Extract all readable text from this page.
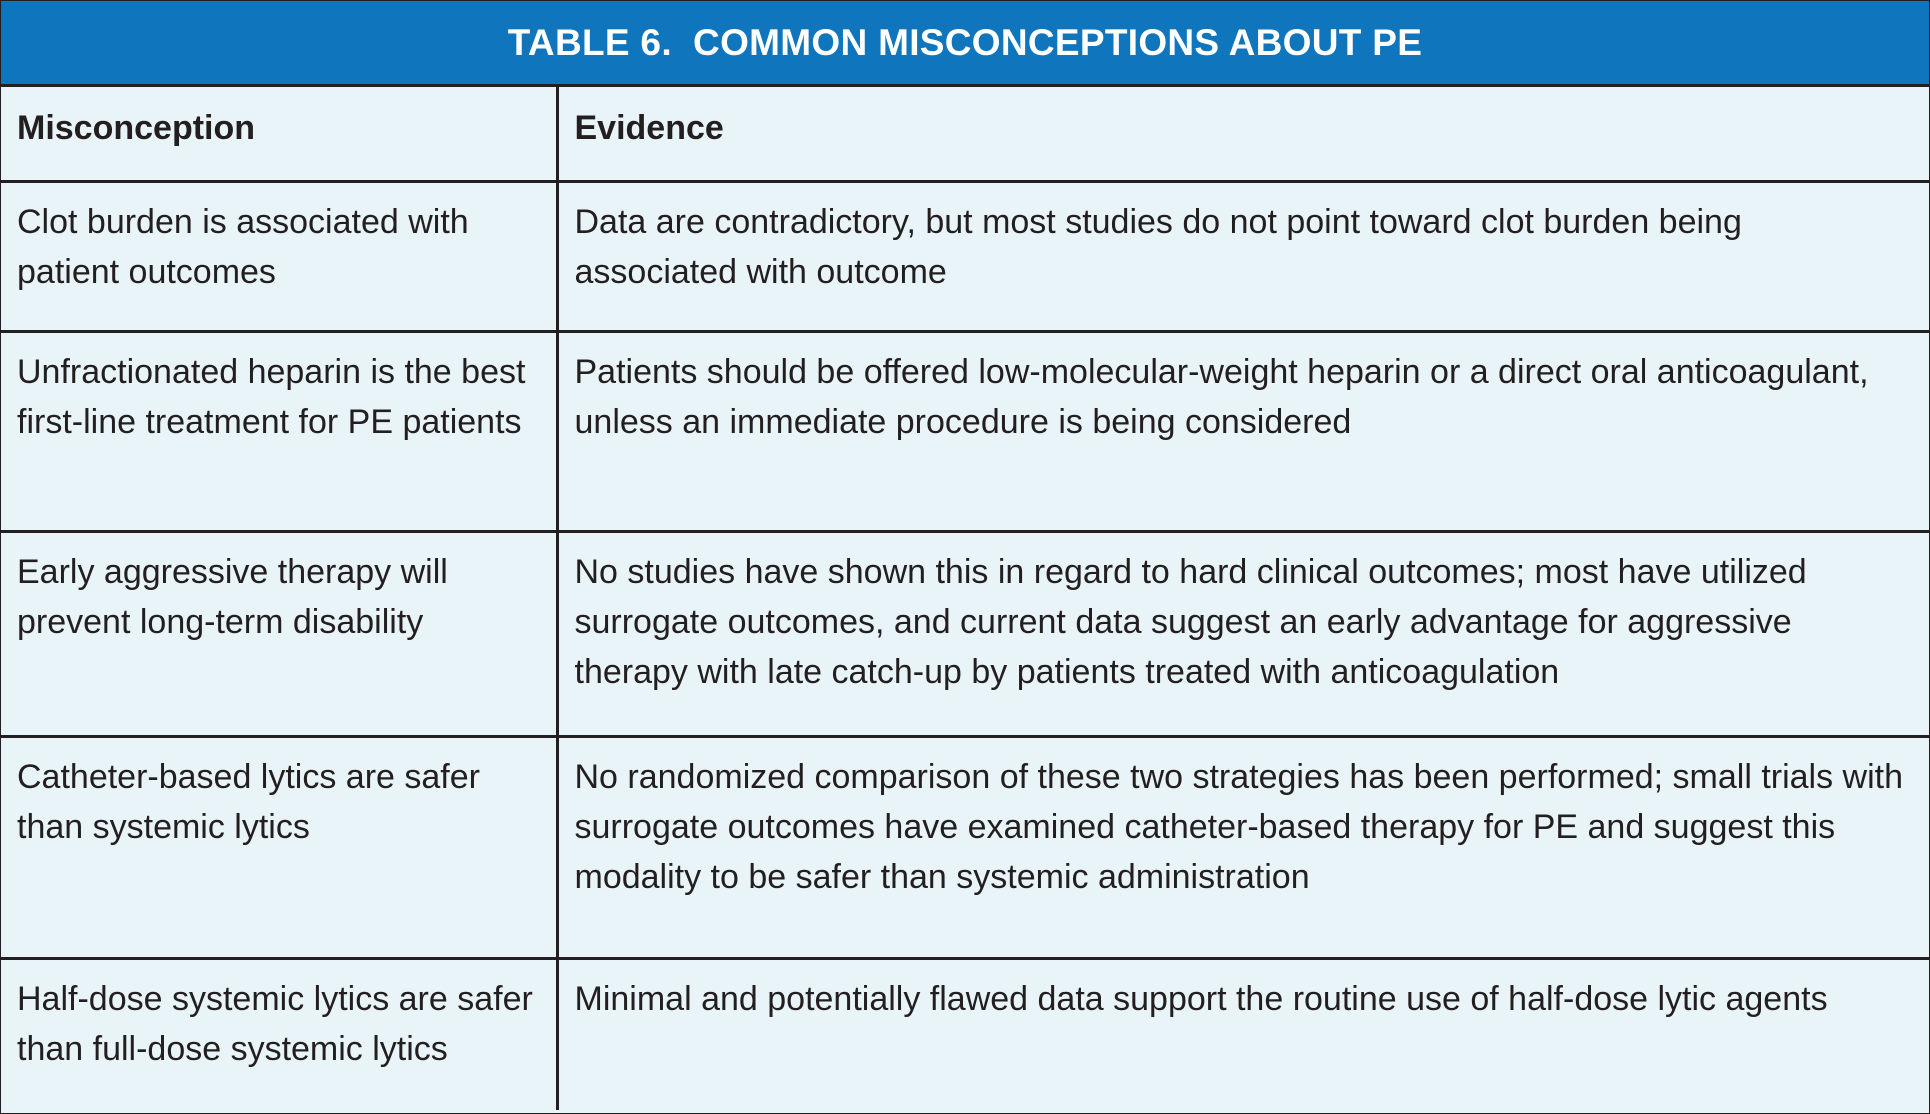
TABLE 6.  COMMON MISCONCEPTIONS ABOUT PE
Misconception	Evidence
Clot burden is associated with patient outcomes	Data are contradictory, but most studies do not point toward clot burden being associated with outcome
Unfractionated heparin is the best first-line treatment for PE patients	Patients should be offered low-molecular-weight heparin or a direct oral anticoagulant, unless an immediate procedure is being considered
Early aggressive therapy will prevent long-term disability	No studies have shown this in regard to hard clinical outcomes; most have utilized surrogate outcomes, and current data suggest an early advantage for aggressive therapy with late catch-up by patients treated with anticoagulation
Catheter-based lytics are safer than systemic lytics	No randomized comparison of these two strategies has been performed; small trials with surrogate outcomes have examined catheter-based therapy for PE and suggest this modality to be safer than systemic administration
Half-dose systemic lytics are safer than full-dose systemic lytics	Minimal and potentially flawed data support the routine use of half-dose lytic agents
